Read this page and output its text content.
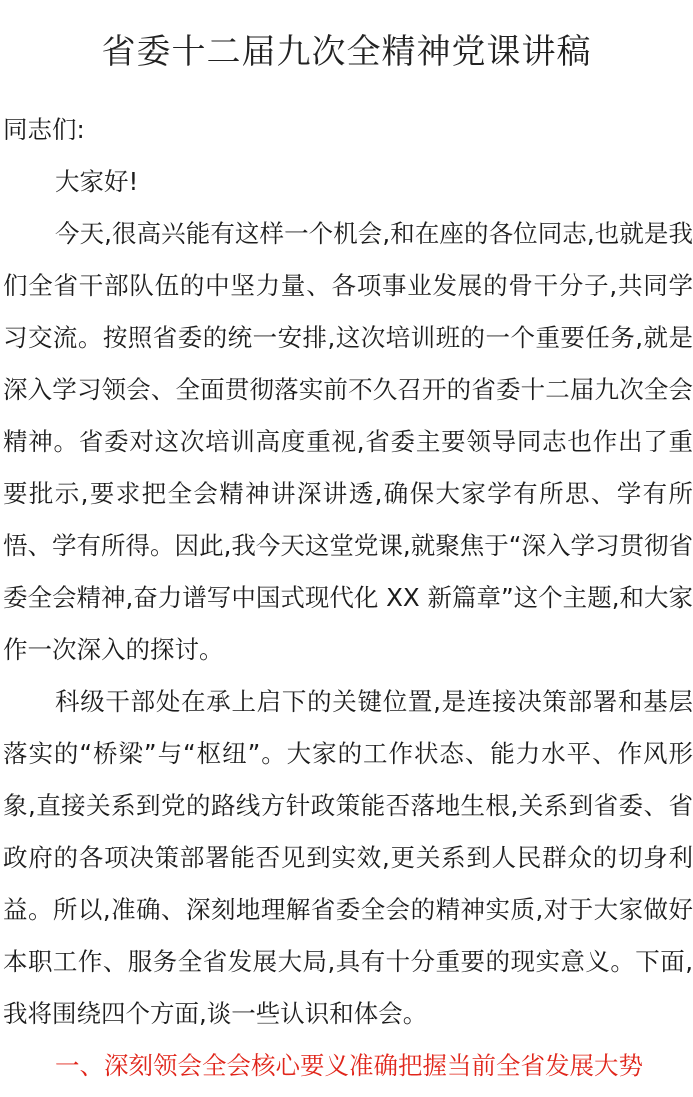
省委十二届九次全精神党课讲稿

同志们:

大家好!

今天,很高兴能有这样一个机会,和在座的各位同志,也就是我们全省干部队伍的中坚力量、各项事业发展的骨干分子,共同学习交流。按照省委的统一安排,这次培训班的一个重要任务,就是深入学习领会、全面贯彻落实前不久召开的省委十二届九次全会精神。省委对这次培训高度重视,省委主要领导同志也作出了重要批示,要求把全会精神讲深讲透,确保大家学有所思、学有所悟、学有所得。因此,我今天这堂党课,就聚焦于“深入学习贯彻省委全会精神,奋力谱写中国式现代化 XX 新篇章”这个主题,和大家作一次深入的探讨。

科级干部处在承上启下的关键位置,是连接决策部署和基层落实的“桥梁”与“枢纽”。大家的工作状态、能力水平、作风形象,直接关系到党的路线方针政策能否落地生根,关系到省委、省政府的各项决策部署能否见到实效,更关系到人民群众的切身利益。所以,准确、深刻地理解省委全会的精神实质,对于大家做好本职工作、服务全省发展大局,具有十分重要的现实意义。下面,我将围绕四个方面,谈一些认识和体会。

一、深刻领会全会核心要义准确把握当前全省发展大势
